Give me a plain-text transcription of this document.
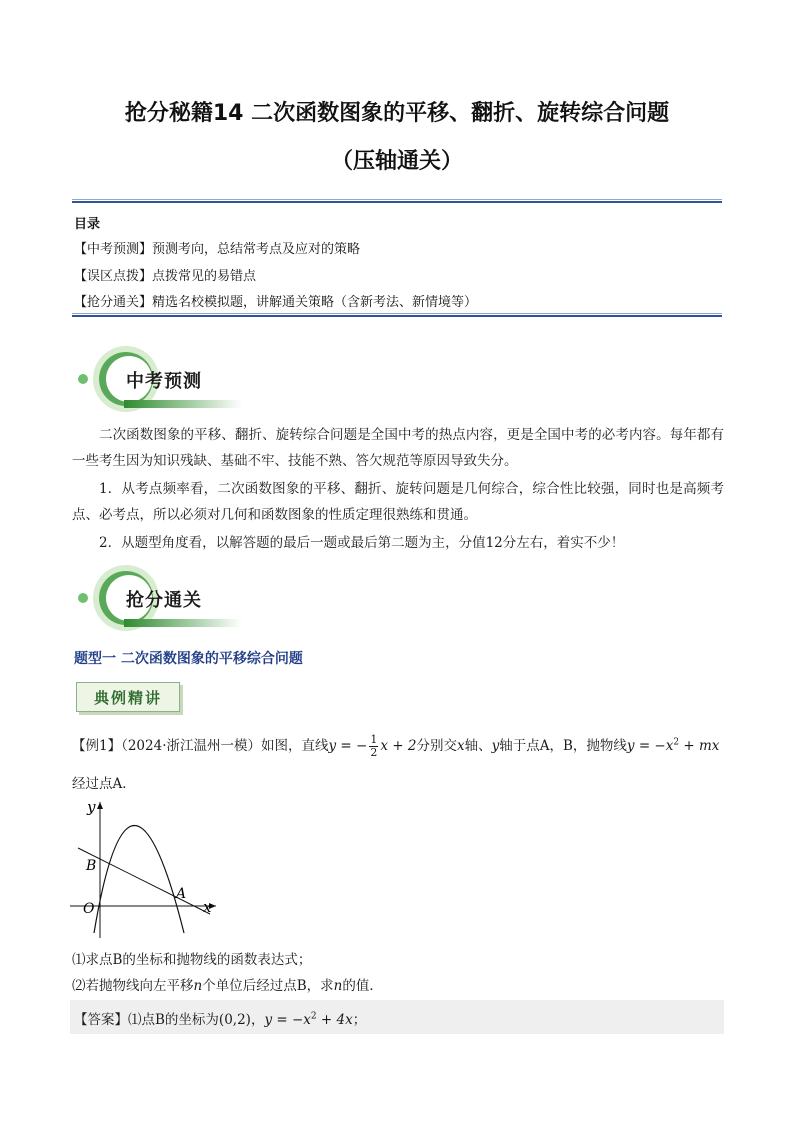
抢分秘籍14 二次函数图象的平移、翻折、旋转综合问题
（压轴通关）
目录
【中考预测】预测考向，总结常考点及应对的策略
【误区点拨】点拨常见的易错点
【抢分通关】精选名校模拟题，讲解通关策略（含新考法、新情境等）
中考预测
二次函数图象的平移、翻折、旋转综合问题是全国中考的热点内容，更是全国中考的必考内容。每年都有一些考生因为知识残缺、基础不牢、技能不熟、答欠规范等原因导致失分。
1．从考点频率看，二次函数图象的平移、翻折、旋转问题是几何综合，综合性比较强，同时也是高频考点、必考点，所以必须对几何和函数图象的性质定理很熟练和贯通。
2．从题型角度看，以解答题的最后一题或最后第二题为主，分值12分左右，着实不少！
抢分通关
题型一 二次函数图象的平移综合问题
典例精讲
【例1】（2024·浙江温州一模）如图，直线y = − $\frac{1}{2}$ x + 2分别交x轴、y轴于点A，B，抛物线$y = -x^2$ + mx
经过点A．
y
x
O
A
B
⑴求点B的坐标和抛物线的函数表达式；
⑵若抛物线向左平移n个单位后经过点B，求n的值．
【答案】⑴点B的坐标为(0,2)，$y = -x^2 + 4x$；
